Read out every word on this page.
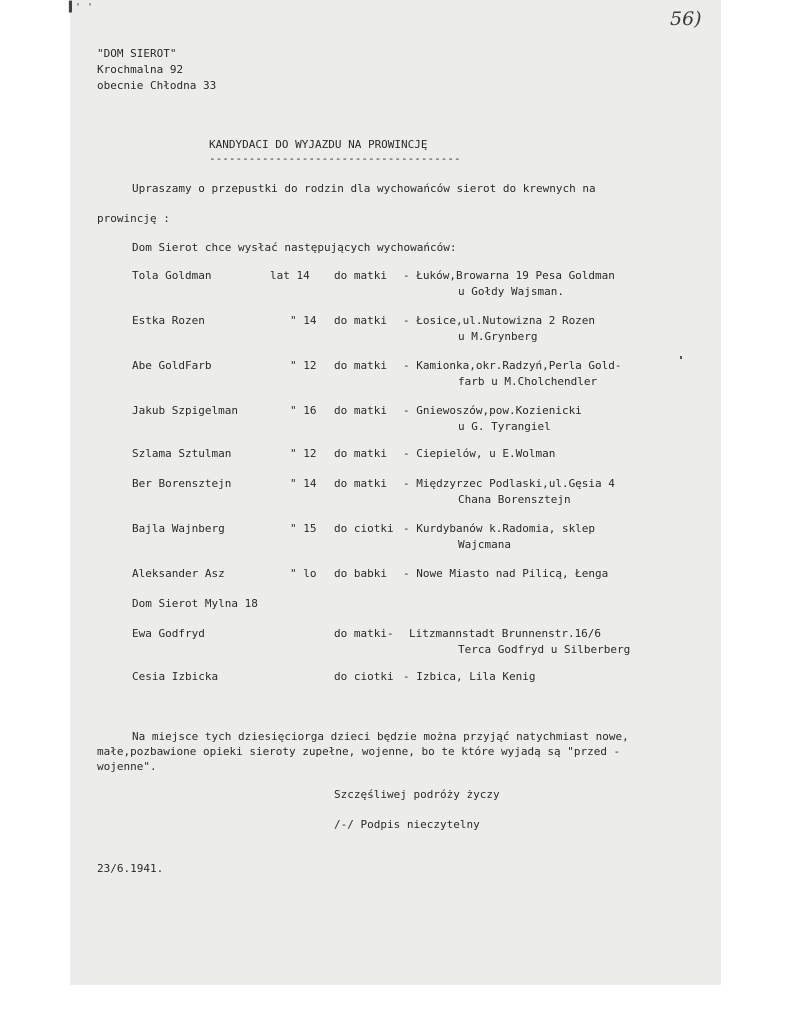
▌' '
56)
"DOM SIEROT"
Krochmalna 92
obecnie Chłodna 33
KANDYDACI DO WYJAZDU NA PROWINCJĘ
--------------------------------------
Upraszamy o przepustki do rodzin dla wychowańców sierot do krewnych na
prowincję :
Dom Sierot chce wysłać następujących wychowańców:
Tola Goldman	lat 14 do matki - Łuków,Browarna 19 Pesa Goldman
u Gołdy Wajsman.
Estka Rozen	" 14 do matki - Łosice,ul.Nutowizna 2 Rozen
u M.Grynberg
Abe GoldFarb	" 12 do matki - Kamionka,okr.Radzyń,Perla Gold-
farb u M.Cholchendler
Jakub Szpigelman	" 16 do matki - Gniewoszów,pow.Kozienicki
u G. Tyrangiel
Szlama Sztulman	" 12 do matki - Ciepielów, u E.Wolman
Ber Borensztejn	" 14 do matki - Międzyrzec Podlaski,ul.Gęsia 4
Chana Borensztejn
Bajla Wajnberg	" 15 do ciotki - Kurdybanów k.Radomia, sklep
Wajcmana
Aleksander Asz	" lo do babki - Nowe Miasto nad Pilicą, Łenga
Dom Sierot Mylna 18
Ewa Godfryd	do matki- Litzmannstadt Brunnenstr.16/6
Terca Godfryd u Silberberg
Cesia Izbicka	do ciotki - Izbica, Lila Kenig
Na miejsce tych dziesięciorga dzieci będzie można przyjąć natychmiast nowe,
małe,pozbawione opieki sieroty zupełne, wojenne, bo te które wyjadą są "przed -
wojenne".
Szczęśliwej podróży życzy
/-/ Podpis nieczytelny
23/6.1941.
